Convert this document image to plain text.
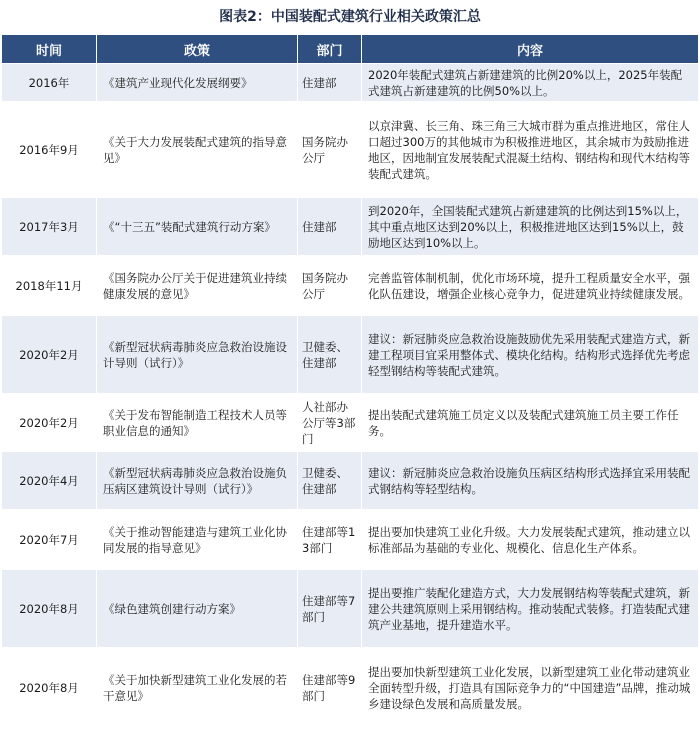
图表2：中国装配式建筑行业相关政策汇总
时间	政策	部门	内容
2016年	《建筑产业现代化发展纲要》	住建部	2020年装配式建筑占新建建筑的比例20%以上，2025年装配式建筑占新建建筑的比例50%以上。
2016年9月	《关于大力发展装配式建筑的指导意见》	国务院办公厅	以京津冀、长三角、珠三角三大城市群为重点推进地区，常住人口超过300万的其他城市为积极推进地区，其余城市为鼓励推进地区，因地制宜发展装配式混凝土结构、钢结构和现代木结构等装配式建筑。
2017年3月	《“十三五”装配式建筑行动方案》	住建部	到2020年，全国装配式建筑占新建建筑的比例达到15%以上，其中重点地区达到20%以上，积极推进地区达到15%以上，鼓励地区达到10%以上。
2018年11月	《国务院办公厅关于促进建筑业持续健康发展的意见》	国务院办公厅	完善监管体制机制，优化市场环境，提升工程质量安全水平，强化队伍建设，增强企业核心竞争力，促进建筑业持续健康发展。
2020年2月	《新型冠状病毒肺炎应急救治设施设计导则（试行）》	卫健委、住建部	建议：新冠肺炎应急救治设施鼓励优先采用装配式建造方式，新建工程项目宜采用整体式、模块化结构。结构形式选择优先考虑轻型钢结构等装配式建筑。
2020年2月	《关于发布智能制造工程技术人员等职业信息的通知》	人社部办公厅等3部门	提出装配式建筑施工员定义以及装配式建筑施工员主要工作任务。
2020年4月	《新型冠状病毒肺炎应急救治设施负压病区建筑设计导则（试行）》	卫健委、住建部	建议：新冠肺炎应急救治设施负压病区结构形式选择宜采用装配式钢结构等轻型结构。
2020年7月	《关于推动智能建造与建筑工业化协同发展的指导意见》	住建部等13部门	提出要加快建筑工业化升级。大力发展装配式建筑，推动建立以标准部品为基础的专业化、规模化、信息化生产体系。
2020年8月	《绿色建筑创建行动方案》	住建部等7部门	提出要推广装配化建造方式，大力发展钢结构等装配式建筑，新建公共建筑原则上采用钢结构。推动装配式装修。打造装配式建筑产业基地，提升建造水平。
2020年8月	《关于加快新型建筑工业化发展的若干意见》	住建部等9部门	提出要加快新型建筑工业化发展，以新型建筑工业化带动建筑业全面转型升级，打造具有国际竞争力的“中国建造”品牌，推动城乡建设绿色发展和高质量发展。
